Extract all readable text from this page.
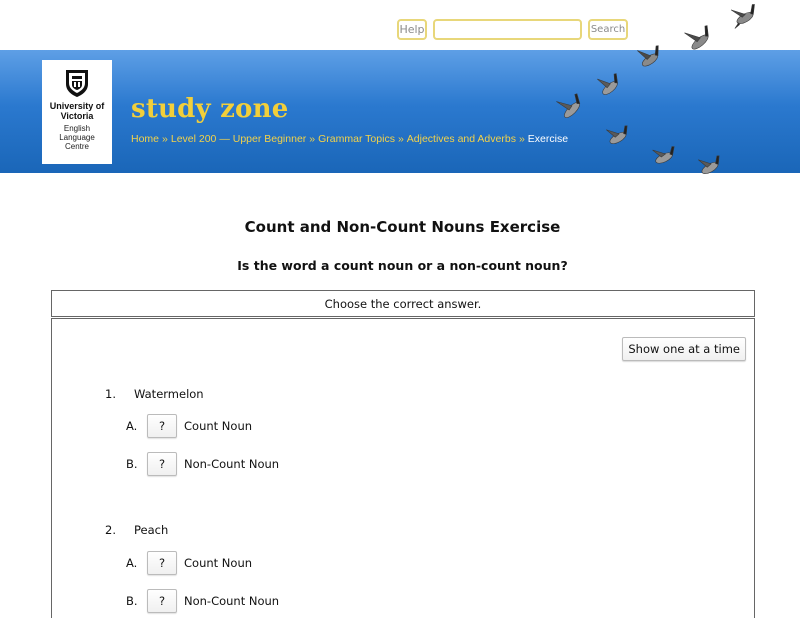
Help	Search
University of Victoria
English Language Centre
study zone
Home » Level 200 — Upper Beginner » Grammar Topics » Adjectives and Adverbs » Exercise
Count and Non-Count Nouns Exercise
Is the word a count noun or a non-count noun?
Choose the correct answer.
Show one at a time
1. Watermelon
A.	?	Count Noun
B.	?	Non-Count Noun
2. Peach
A.	?	Count Noun
B.	?	Non-Count Noun
